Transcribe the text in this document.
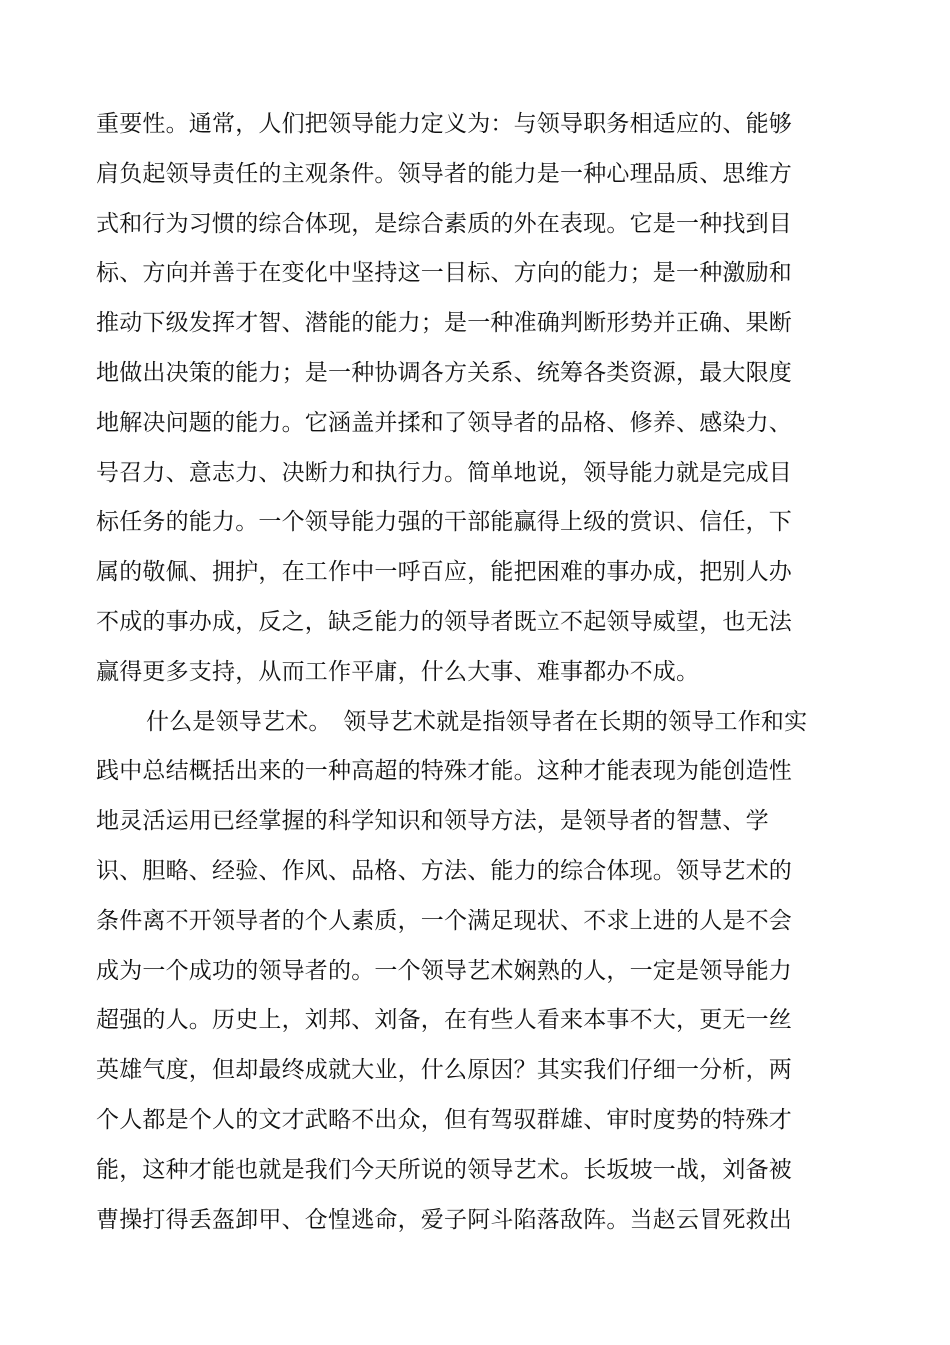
重要性。通常，人们把领导能力定义为：与领导职务相适应的、能够
肩负起领导责任的主观条件。领导者的能力是一种心理品质、思维方
式和行为习惯的综合体现，是综合素质的外在表现。它是一种找到目
标、方向并善于在变化中坚持这一目标、方向的能力；是一种激励和
推动下级发挥才智、潜能的能力；是一种准确判断形势并正确、果断
地做出决策的能力；是一种协调各方关系、统筹各类资源，最大限度
地解决问题的能力。它涵盖并揉和了领导者的品格、修养、感染力、
号召力、意志力、决断力和执行力。简单地说，领导能力就是完成目
标任务的能力。一个领导能力强的干部能赢得上级的赏识、信任，下
属的敬佩、拥护，在工作中一呼百应，能把困难的事办成，把别人办
不成的事办成，反之，缺乏能力的领导者既立不起领导威望，也无法
赢得更多支持，从而工作平庸，什么大事、难事都办不成。
什么是领导艺术。　领导艺术就是指领导者在长期的领导工作和实
践中总结概括出来的一种高超的特殊才能。这种才能表现为能创造性
地灵活运用已经掌握的科学知识和领导方法，是领导者的智慧、学
识、胆略、经验、作风、品格、方法、能力的综合体现。领导艺术的
条件离不开领导者的个人素质，一个满足现状、不求上进的人是不会
成为一个成功的领导者的。一个领导艺术娴熟的人，一定是领导能力
超强的人。历史上，刘邦、刘备，在有些人看来本事不大，更无一丝
英雄气度，但却最终成就大业，什么原因？其实我们仔细一分析，两
个人都是个人的文才武略不出众，但有驾驭群雄、审时度势的特殊才
能，这种才能也就是我们今天所说的领导艺术。长坂坡一战，刘备被
曹操打得丢盔卸甲、仓惶逃命，爱子阿斗陷落敌阵。当赵云冒死救出
